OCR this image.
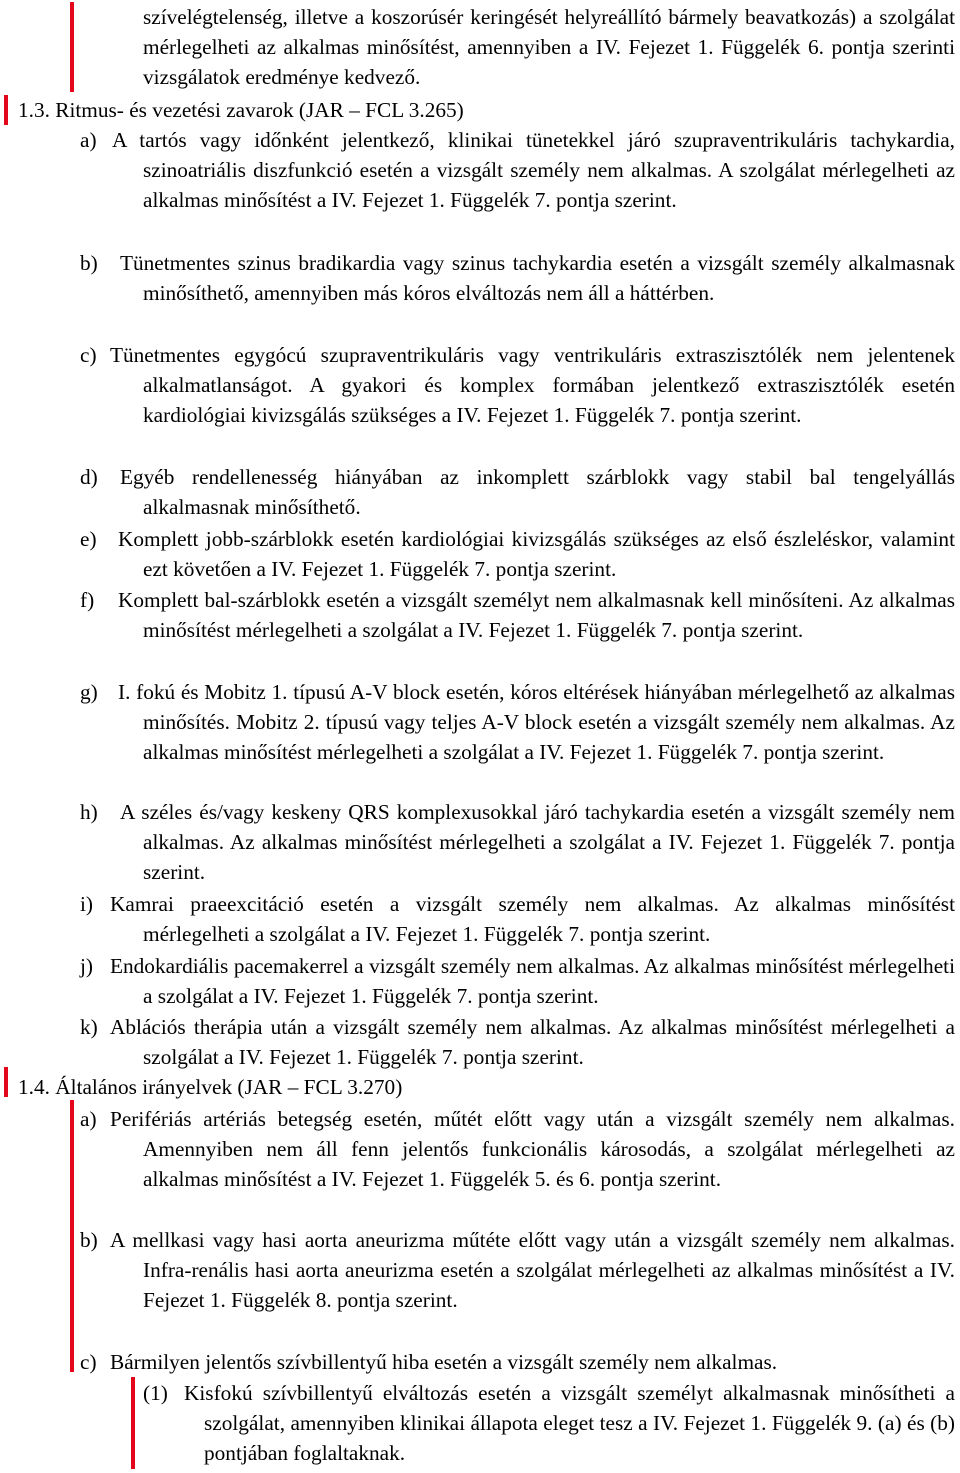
szívelégtelenség, illetve a koszorúsér keringését helyreállító bármely beavatkozás) a szolgálat mérlegelheti az alkalmas minősítést, amennyiben a IV. Fejezet 1. Függelék 6. pontja szerinti vizsgálatok eredménye kedvező.

1.3. Ritmus- és vezetési zavarok (JAR – FCL 3.265)
a) A tartós vagy időnként jelentkező, klinikai tünetekkel járó szupraventrikuláris tachykardia, szinoatriális diszfunkció esetén a vizsgált személy nem alkalmas. A szolgálat mérlegelheti az alkalmas minősítést a IV. Fejezet 1. Függelék 7. pontja szerint.

b) Tünetmentes szinus bradikardia vagy szinus tachykardia esetén a vizsgált személy alkalmasnak minősíthető, amennyiben más kóros elváltozás nem áll a háttérben.

c) Tünetmentes egygócú szupraventrikuláris vagy ventrikuláris extraszisztólék nem jelentenek alkalmatlanságot. A gyakori és komplex formában jelentkező extraszisztólék esetén kardiológiai kivizsgálás szükséges a IV. Fejezet 1. Függelék 7. pontja szerint.

d) Egyéb rendellenesség hiányában az inkomplett szárblokk vagy stabil bal tengelyállás alkalmasnak minősíthető.

e) Komplett jobb-szárblokk esetén kardiológiai kivizsgálás szükséges az első észleléskor, valamint ezt követően a IV. Fejezet 1. Függelék 7. pontja szerint.

f) Komplett bal-szárblokk esetén a vizsgált személyt nem alkalmasnak kell minősíteni. Az alkalmas minősítést mérlegelheti a szolgálat a IV. Fejezet 1. Függelék 7. pontja szerint.

g) I. fokú és Mobitz 1. típusú A-V block esetén, kóros eltérések hiányában mérlegelhető az alkalmas minősítés. Mobitz 2. típusú vagy teljes A-V block esetén a vizsgált személy nem alkalmas. Az alkalmas minősítést mérlegelheti a szolgálat a IV. Fejezet 1. Függelék 7. pontja szerint.

h) A széles és/vagy keskeny QRS komplexusokkal járó tachykardia esetén a vizsgált személy nem alkalmas. Az alkalmas minősítést mérlegelheti a szolgálat a IV. Fejezet 1. Függelék 7. pontja szerint.

i) Kamrai praeexcitáció esetén a vizsgált személy nem alkalmas. Az alkalmas minősítést mérlegelheti a szolgálat a IV. Fejezet 1. Függelék 7. pontja szerint.

j) Endokardiális pacemakerrel a vizsgált személy nem alkalmas. Az alkalmas minősítést mérlegelheti a szolgálat a IV. Fejezet 1. Függelék 7. pontja szerint.

k) Ablációs therápia után a vizsgált személy nem alkalmas. Az alkalmas minősítést mérlegelheti a szolgálat a IV. Fejezet 1. Függelék 7. pontja szerint.

1.4. Általános irányelvek (JAR – FCL 3.270)
a) Perifériás artériás betegség esetén, műtét előtt vagy után a vizsgált személy nem alkalmas. Amennyiben nem áll fenn jelentős funkcionális károsodás, a szolgálat mérlegelheti az alkalmas minősítést a IV. Fejezet 1. Függelék 5. és 6. pontja szerint.

b) A mellkasi vagy hasi aorta aneurizma műtéte előtt vagy után a vizsgált személy nem alkalmas. Infra-renális hasi aorta aneurizma esetén a szolgálat mérlegelheti az alkalmas minősítést a IV. Fejezet 1. Függelék 8. pontja szerint.

c) Bármilyen jelentős szívbillentyű hiba esetén a vizsgált személy nem alkalmas.

(1) Kisfokú szívbillentyű elváltozás esetén a vizsgált személyt alkalmasnak minősítheti a szolgálat, amennyiben klinikai állapota eleget tesz a IV. Fejezet 1. Függelék 9. (a) és (b) pontjában foglaltaknak.
